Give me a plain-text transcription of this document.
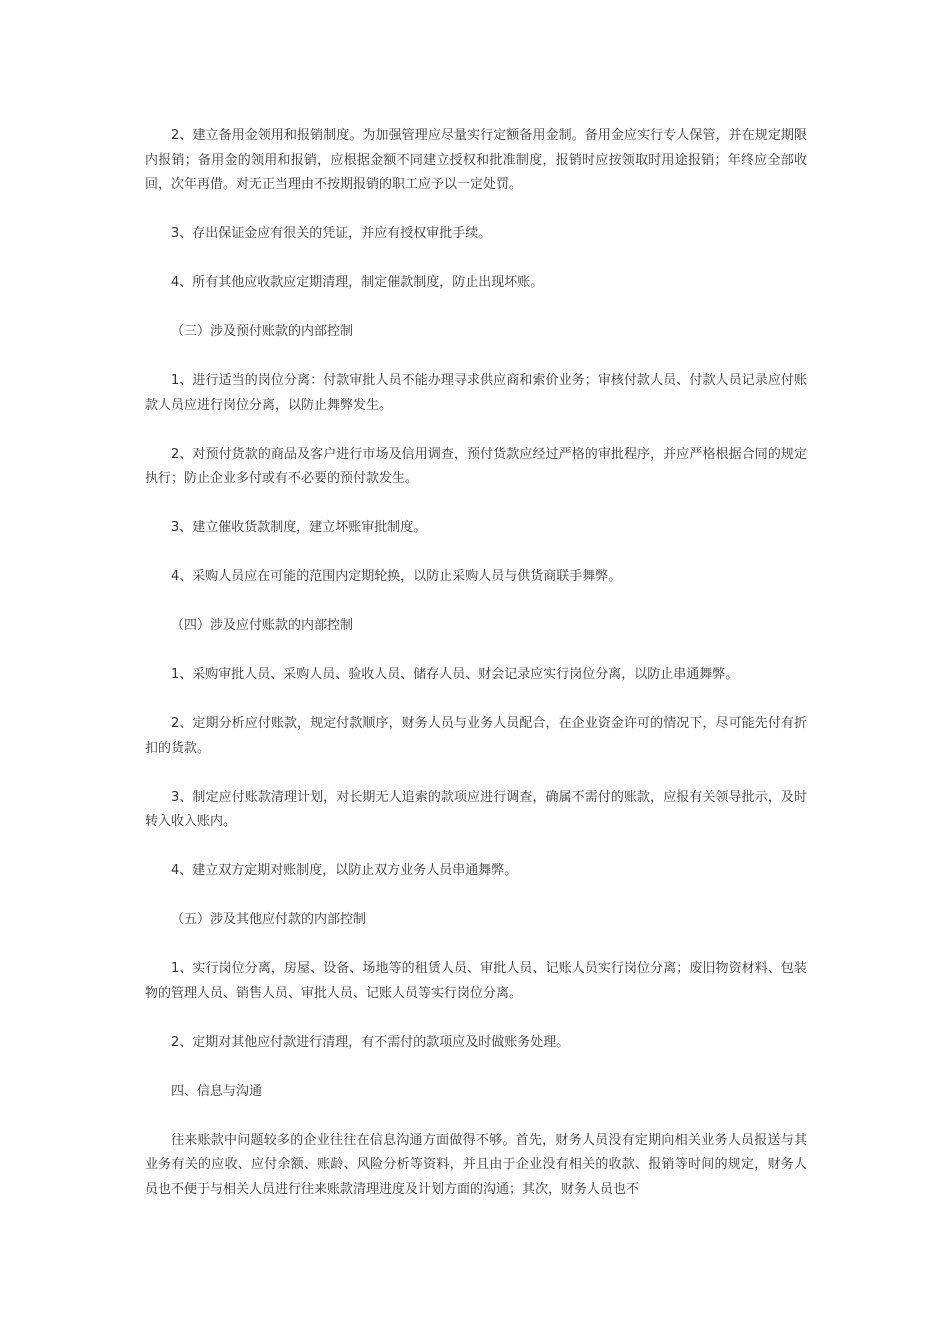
2、建立备用金领用和报销制度。为加强管理应尽量实行定额备用金制。备用金应实行专人保管，并在规定期限内报销；备用金的领用和报销，应根据金额不同建立授权和批准制度，报销时应按领取时用途报销；年终应全部收回，次年再借。对无正当理由不按期报销的职工应予以一定处罚。

3、存出保证金应有很关的凭证，并应有授权审批手续。

4、所有其他应收款应定期清理，制定催款制度，防止出现坏账。

（三）涉及预付账款的内部控制

1、进行适当的岗位分离：付款审批人员不能办理寻求供应商和索价业务；审核付款人员、付款人员记录应付账款人员应进行岗位分离，以防止舞弊发生。

2、对预付货款的商品及客户进行市场及信用调查，预付货款应经过严格的审批程序，并应严格根据合同的规定执行；防止企业多付或有不必要的预付款发生。

3、建立催收货款制度，建立坏账审批制度。

4、采购人员应在可能的范围内定期轮换，以防止采购人员与供货商联手舞弊。

（四）涉及应付账款的内部控制

1、采购审批人员、采购人员、验收人员、储存人员、财会记录应实行岗位分离，以防止串通舞弊。

2、定期分析应付账款，规定付款顺序，财务人员与业务人员配合，在企业资金许可的情况下，尽可能先付有折扣的货款。

3、制定应付账款清理计划，对长期无人追索的款项应进行调查，确属不需付的账款，应报有关领导批示，及时转入收入账内。

4、建立双方定期对账制度，以防止双方业务人员串通舞弊。

（五）涉及其他应付款的内部控制

1、实行岗位分离，房屋、设备、场地等的租赁人员、审批人员、记账人员实行岗位分离；废旧物资材料、包装物的管理人员、销售人员、审批人员、记账人员等实行岗位分离。

2、定期对其他应付款进行清理，有不需付的款项应及时做账务处理。

四、信息与沟通

往来账款中问题较多的企业往往在信息沟通方面做得不够。首先，财务人员没有定期向相关业务人员报送与其业务有关的应收、应付余额、账龄、风险分析等资料，并且由于企业没有相关的收款、报销等时间的规定，财务人员也不便于与相关人员进行往来账款清理进度及计划方面的沟通；其次，财务人员也不
